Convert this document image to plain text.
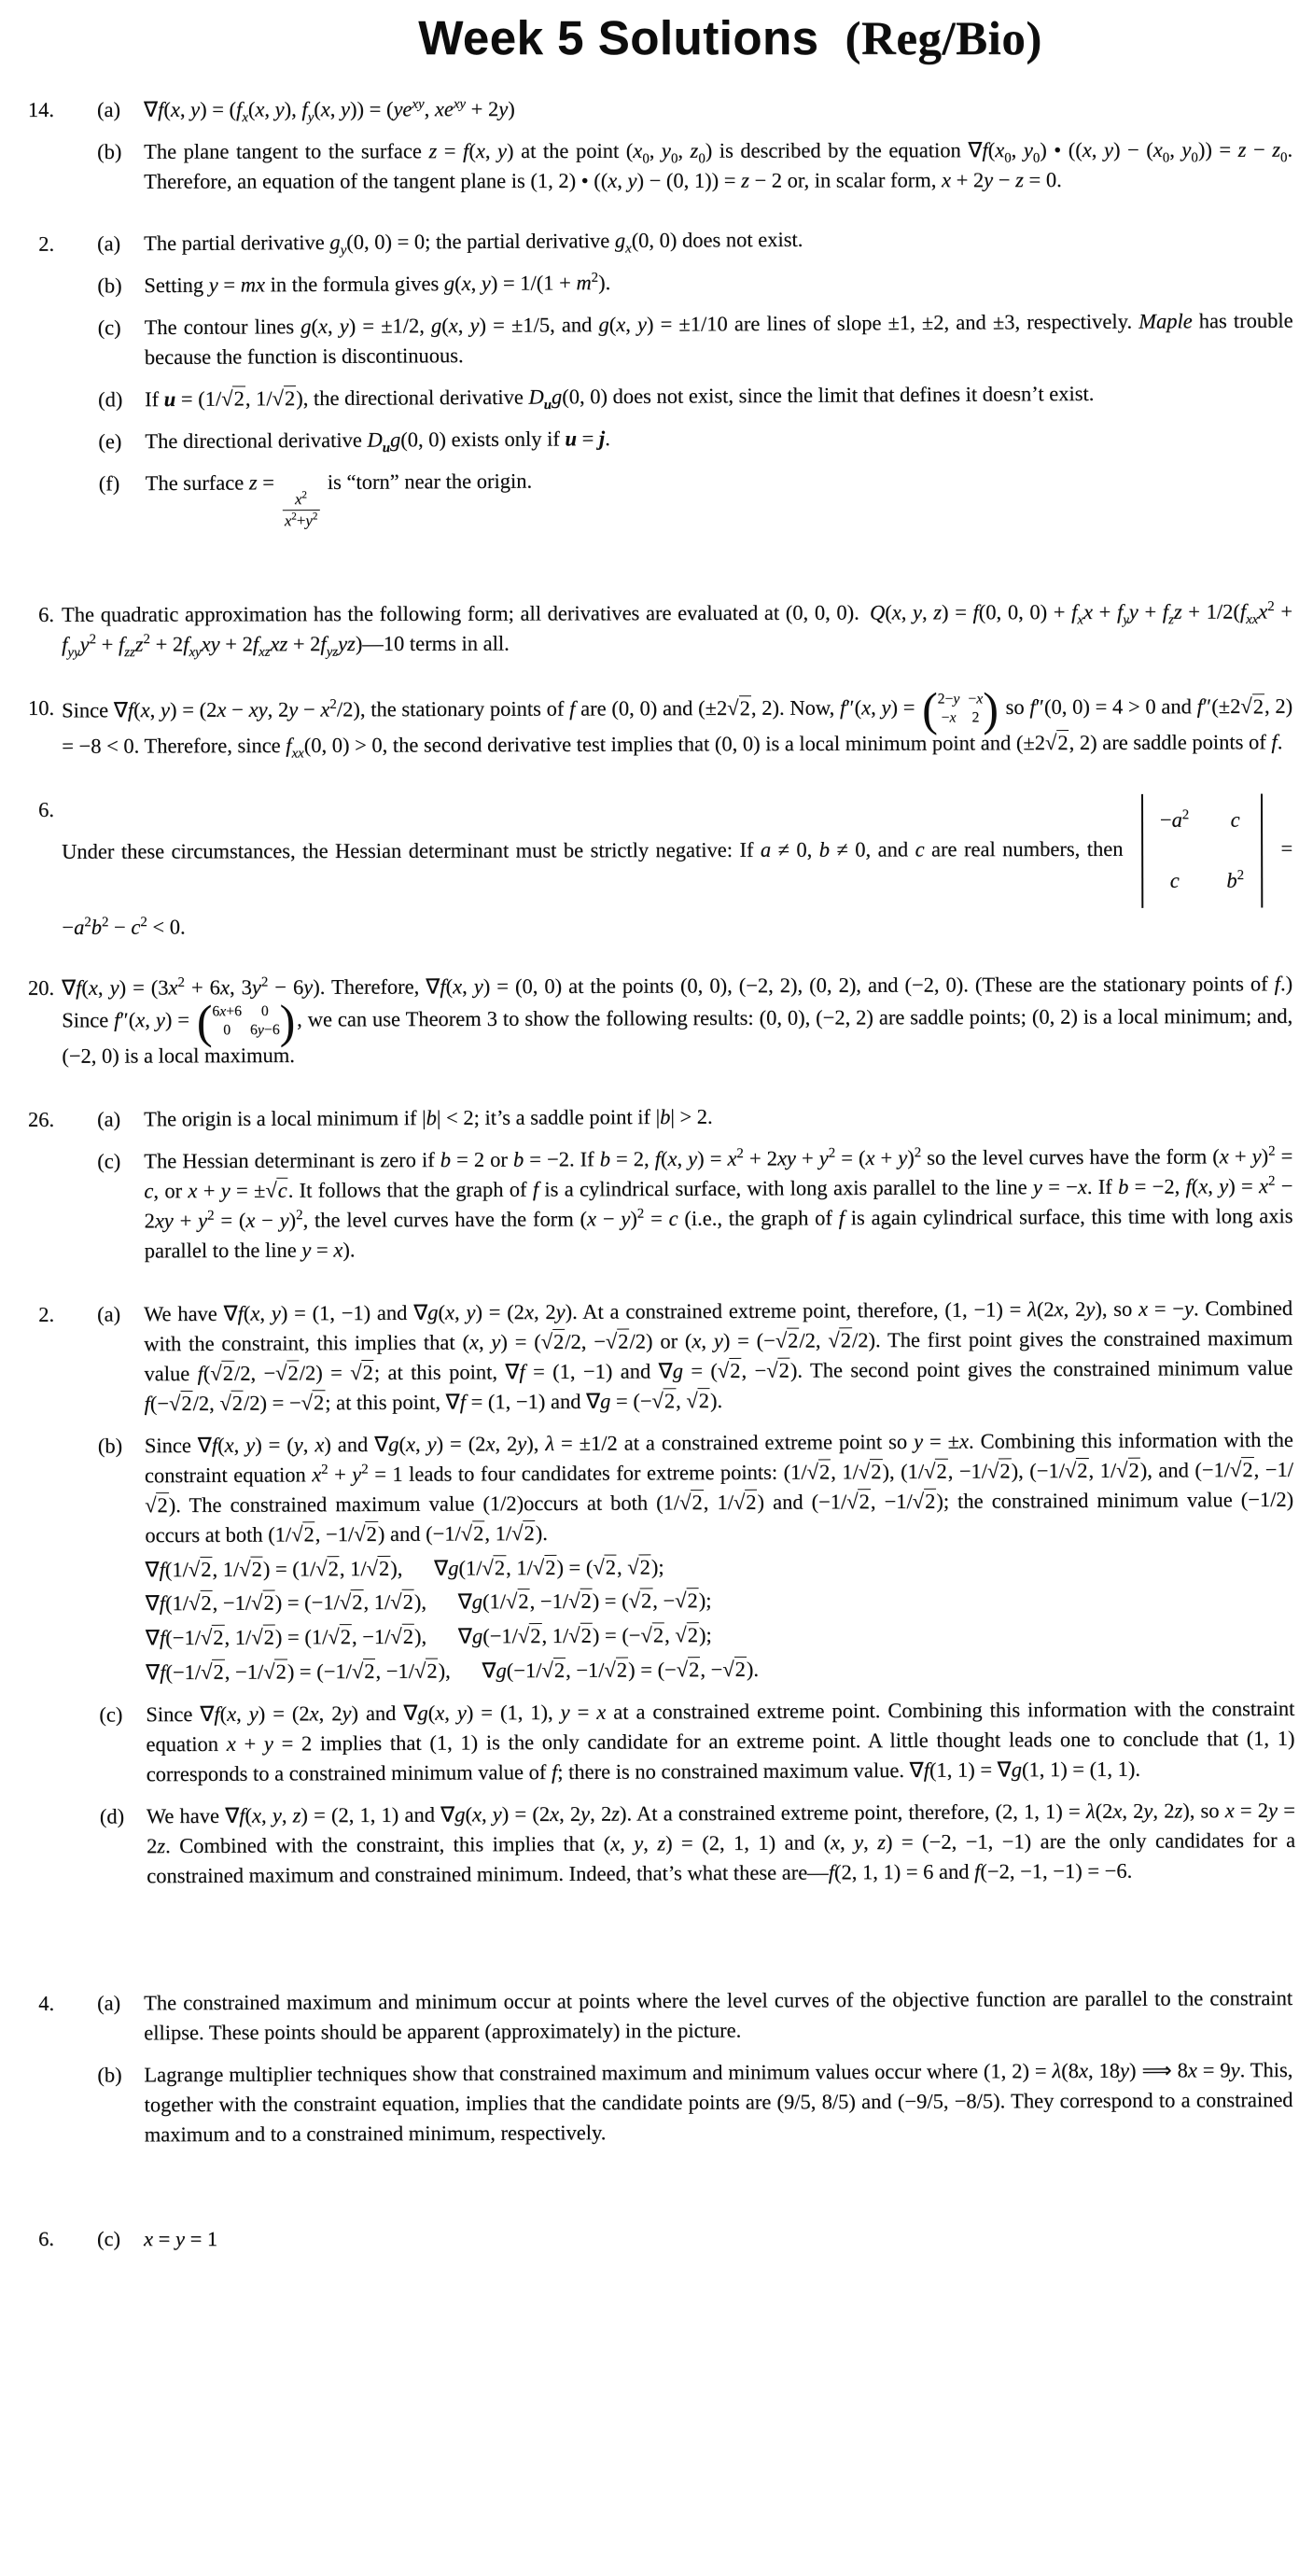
Week 5 Solutions (Reg/Bio)
14.	(a)	∇f(x, $y) = (f_x(x$, y), $f_y(x$, $y)) = (ye^{xy}$, $xe^{xy} + 2y$)
(b)	The plane tangent to the surface z = f(x, y) at the point ($x_0$, $y_0$, $z_0$) is described by the equation $\nabla f(x_0$, $y_0$) • ((x, $y) - (x_0$, $y_0)) = z - z_0$. Therefore, an equation of the tangent plane is (1, 2) • ((x, y) − (0, 1)) = z − 2 or, in scalar form, x + 2y − z = 0.
2.	(a)	The partial derivative $g_y(0$, 0) = 0; the partial derivative $g_x(0$, 0) does not exist.
(b)	Setting y = mx in the formula gives g(x, $y) = 1/(1 + m^2)$.
(c)	The contour lines g(x, y) = ±1/2, g(x, y) = ±1/5, and g(x, y) = ±1/10 are lines of slope ±1, ±2, and ±3, respectively. Maple has trouble because the function is discontinuous.
(d)	If u = (1/√2, 1/√2), the directional derivative $D_ug(0$, 0) does not exist, since the limit that defines it doesn’t exist.
(e)	The directional derivative $D_ug(0$, 0) exists only if u = j.
(f)	The surface z =
$\frac{x^2}{x^2+y^2}$
is “torn” near the origin.
6. The quadratic approximation has the following form; all derivatives are evaluated at (0, 0, 0). Q(x, y, z) = f(0, 0, $0) + f_xx + f_yy + f_zz + 1/2(f_{xx}x^2 + f_{yy}y^2 + f_{zz}z^2 + 2f_{xy}xy + 2f_{xz}xz$ + $2f_{yz}yz)—10$ terms in all.
10. Since ∇f(x, y) = (2x − xy, $2y - x^2/2$), the stationary points of f are (0, 0) and (±2√2, 2). Now, f″(x, y) = ( 2−y −x
−x 2 ) so f″(0, 0) = 4 > 0 and f″(±2√2, 2) = −8 < 0. Therefore, since $f_{xx}(0$, 0) > 0, the second derivative test implies that (0, 0) is a local minimum point and (±2√2, 2) are saddle points of f.
6.
Under these circumstances, the Hessian determinant must be strictly negative: If a ≠ 0, b ≠ 0, and c are real numbers, then
$-a^2$ c
c	$b^2$
= $-a^2b^2 - c^2 < 0$.
20. ∇f(x, $y) = (3x^2 + 6x$, $3y^2 - 6y$). Therefore, ∇f(x, y) = (0, 0) at the points (0, 0), (−2, 2), (0, 2), and (−2, 0). (These are the stationary points of f.) Since f″(x, y) = ( 6x+6	0
0	6y−6 ) , we can use Theorem 3 to show the following results: (0, 0), (−2, 2) are saddle points; (0, 2) is a local minimum; and, (−2, 0) is a local maximum.
26.	(a)	The origin is a local minimum if |b| < 2; it’s a saddle point if |b| > 2.
(c)	The Hessian determinant is zero if b = 2 or b = −2. If b = 2, f(x, $y) = x^2 + 2xy + y^2 = (x + y)^2$ so the level curves have the form $(x + y)^2 = c$, or x + y = ±√c. It follows that the graph of f is a cylindrical surface, with long axis parallel to the line y = −x. If b = −2, f(x, $y) = x^2 - 2xy + y^2 = (x - y)^2$, the level curves have the form $(x - y)^2 = c$ (i.e., the graph of f is again cylindrical surface, this time with long axis parallel to the line y = x).
2.	(a)	We have ∇f(x, y) = (1, −1) and ∇g(x, y) = (2x, 2y). At a constrained extreme point, therefore, (1, −1) = λ(2x, 2y), so x = −y. Combined with the constraint, this implies that (x, y) = (√2/2, −√2/2) or (x, y) = (−√2/2, √2/2). The first point gives the constrained maximum value f(√2/2, −√2/2) = √2; at this point, ∇f = (1, −1) and ∇g = (√2, −√2). The second point gives the constrained minimum value f(−√2/2, √2/2) = −√2; at this point, ∇f = (1, −1) and ∇g = (−√2, √2).
(b)	Since ∇f(x, y) = (y, x) and ∇g(x, y) = (2x, 2y), λ = ±1/2 at a constrained extreme point so y = ±x. Combining this information with the constraint equation $x^2 + y^2 = 1$ leads to four candidates for extreme points: (1/√2, 1/√2), (1/√2, −1/√2), (−1/√2, 1/√2), and (−1/√2, −1/√2). The constrained maximum value (1/2)occurs at both (1/√2, 1/√2) and (−1/√2, −1/√2); the constrained minimum value (−1/2) occurs at both (1/√2, −1/√2) and (−1/√2, 1/√2).
∇f(1/√2, 1/√2) = (1/√2, 1/√2),  ∇g(1/√2, 1/√2) = (√2, √2);
∇f(1/√2, −1/√2) = (−1/√2, 1/√2),  ∇g(1/√2, −1/√2) = (√2, −√2);
∇f(−1/√2, 1/√2) = (1/√2, −1/√2),  ∇g(−1/√2, 1/√2) = (−√2, √2);
∇f(−1/√2, −1/√2) = (−1/√2, −1/√2),  ∇g(−1/√2, −1/√2) = (−√2, −√2).
(c)	Since ∇f(x, y) = (2x, 2y) and ∇g(x, y) = (1, 1), y = x at a constrained extreme point. Combining this information with the constraint equation x + y = 2 implies that (1, 1) is the only candidate for an extreme point. A little thought leads one to conclude that (1, 1) corresponds to a constrained minimum value of f; there is no constrained maximum value. ∇f(1, 1) = ∇g(1, 1) = (1, 1).
(d)	We have ∇f(x, y, z) = (2, 1, 1) and ∇g(x, y) = (2x, 2y, 2z). At a constrained extreme point, therefore, (2, 1, 1) = λ(2x, 2y, 2z), so x = 2y = 2z. Combined with the constraint, this implies that (x, y, z) = (2, 1, 1) and (x, y, z) = (−2, −1, −1) are the only candidates for a constrained maximum and constrained minimum. Indeed, that’s what these are—f(2, 1, 1) = 6 and f(−2, −1, −1) = −6.
4.	(a)	The constrained maximum and minimum occur at points where the level curves of the objective function are parallel to the constraint ellipse. These points should be apparent (approximately) in the picture.
(b)	Lagrange multiplier techniques show that constrained maximum and minimum values occur where (1, 2) = λ(8x, 18y) ⟹ 8x = 9y. This, together with the constraint equation, implies that the candidate points are (9/5, 8/5) and (−9/5, −8/5). They correspond to a constrained maximum and to a constrained minimum, respectively.
6.	(c)	x = y = 1
